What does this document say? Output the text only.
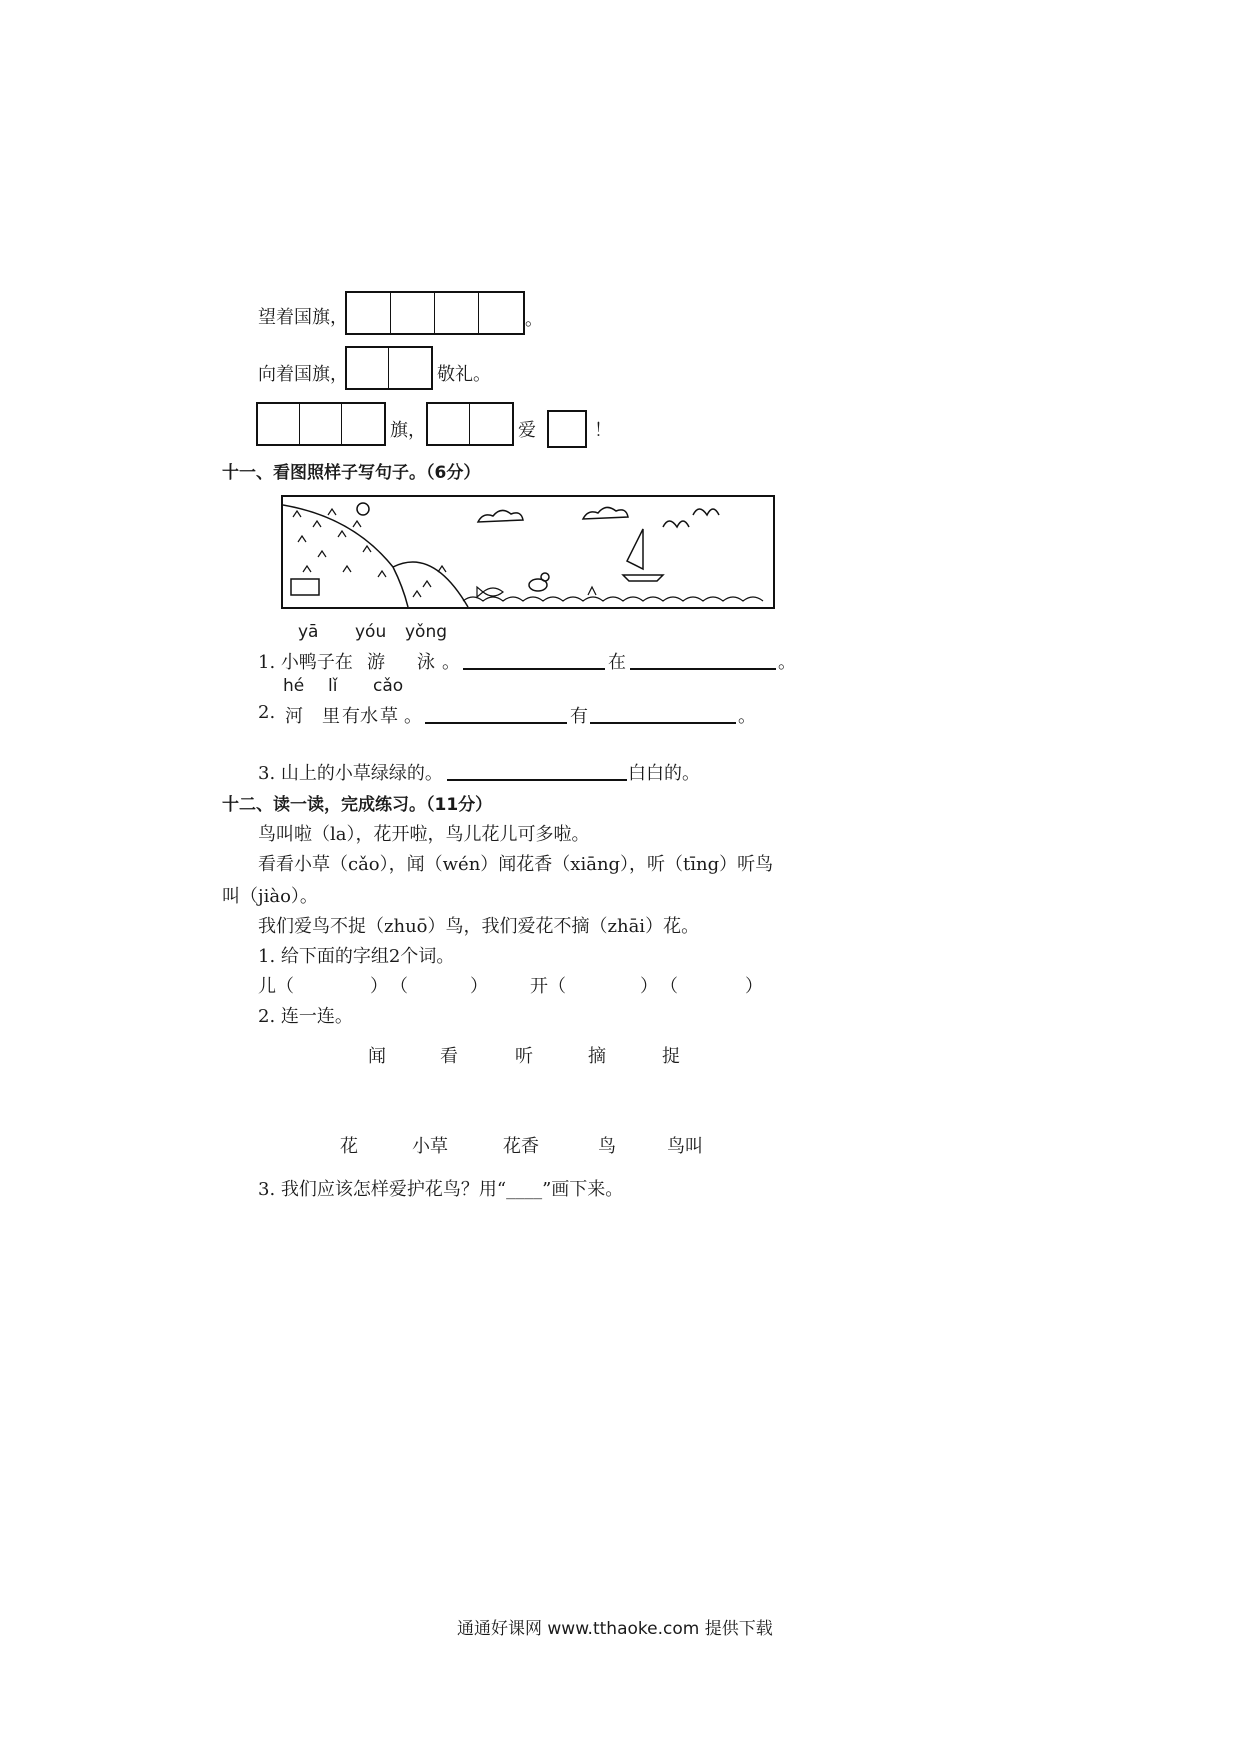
望着国旗，	。
向着国旗，	敬礼。
旗，	爱	！
十一、看图照样子写句子。（6分）
yā yóu yǒng
1. 小鸭子在 游 泳 。	在	。
hé lǐ cǎo
2. 河 里 有水 草 。	有	。
3. 山上的小草绿绿的。	白白的。
十二、读一读，完成练习。（11分）
鸟叫啦（la），花开啦，鸟儿花儿可多啦。
看看小草（cǎo），闻（wén）闻花香（xiāng），听（tīng）听鸟
叫（jiào）。
我们爱鸟不捉（zhuō）鸟，我们爱花不摘（zhāi）花。
1. 给下面的字组2个词。
儿（	） （	） 开（	） （	）
2. 连一连。
闻	看	听	摘	捉
花	小草	花香	鸟	鸟叫
3. 我们应该怎样爱护花鸟？用“____”画下来。
通通好课网 www.tthaoke.com 提供下载
